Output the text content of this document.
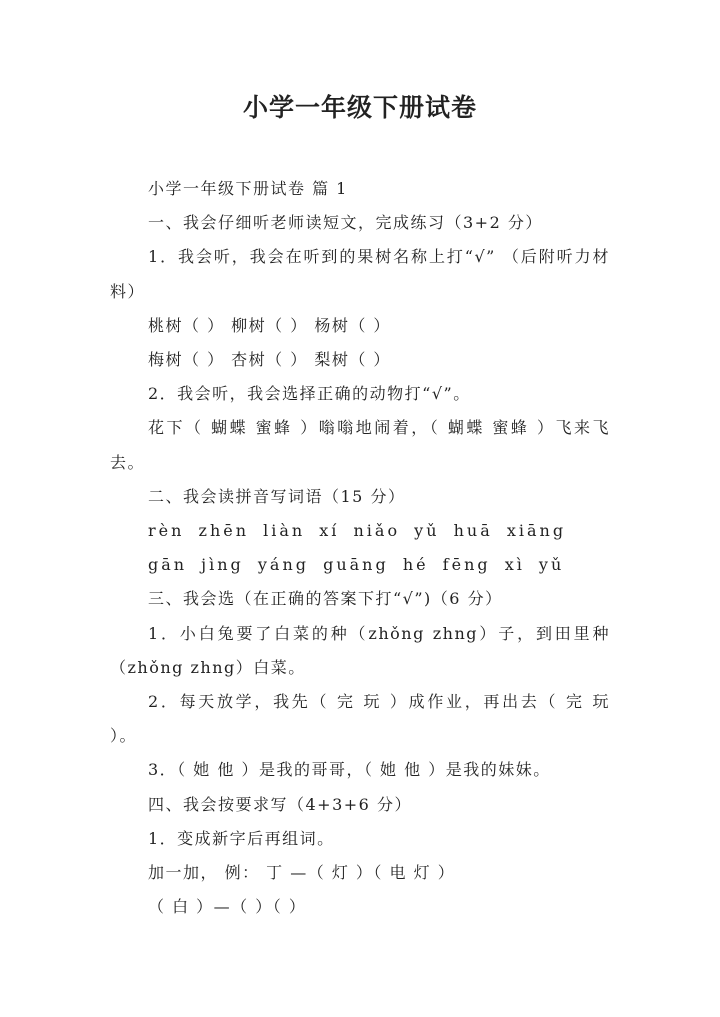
小学一年级下册试卷
小学一年级下册试卷 篇 1
一、我会仔细听老师读短文，完成练习（3+2 分）
1．我会听，我会在听到的果树名称上打“√” （后附听力材料）
桃树（ ） 柳树（ ） 杨树（ ）
梅树（ ） 杏树（ ） 梨树（ ）
2．我会听，我会选择正确的动物打“√”。
花下（ 蝴蝶 蜜蜂 ）嗡嗡地闹着，（ 蝴蝶 蜜蜂 ）飞来飞去。
二、我会读拼音写词语（15 分）
rèn zhēn liàn xí niǎo yǔ huā xiāng
gān jìng yáng guāng hé fēng xì yǔ
三、我会选（在正确的答案下打“√”)（6 分）
1．小白兔要了白菜的种（zhǒng zhng）子，到田里种（zhǒng zhng）白菜。
2．每天放学，我先（ 完 玩 ）成作业，再出去（ 完 玩 ）。
3．（ 她 他 ）是我的哥哥，（ 她 他 ）是我的妹妹。
四、我会按要求写（4+3+6 分）
1．变成新字后再组词。
加一加， 例： 丁 —（ 灯 ）（ 电 灯 ）
（ 白 ）—（ ）（ ）
